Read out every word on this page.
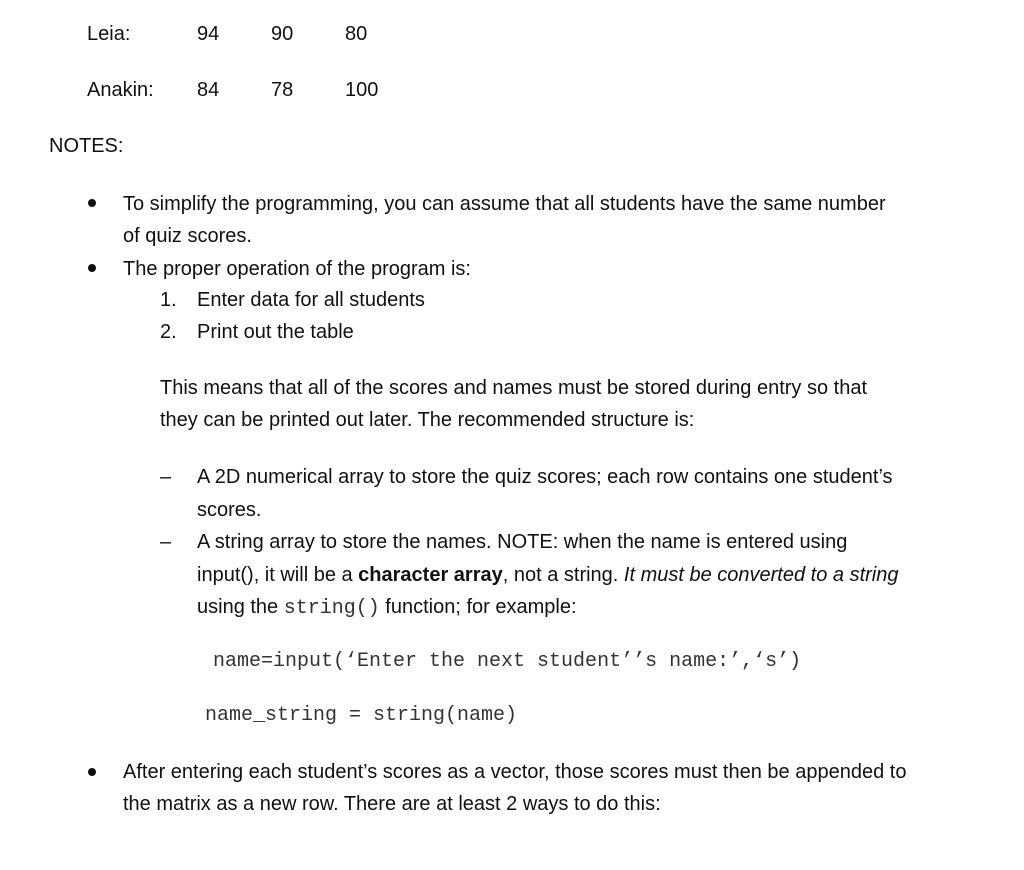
Leia:	94	90	80
Anakin: 84	78	100
NOTES:
To simplify the programming, you can assume that all students have the same number
of quiz scores.
The proper operation of the program is:
1. Enter data for all students
2. Print out the table
This means that all of the scores and names must be stored during entry so that
they can be printed out later. The recommended structure is:
– A 2D numerical array to store the quiz scores; each row contains one student’s
scores.
– A string array to store the names. NOTE: when the name is entered using
input(), it will be a character array, not a string. It must be converted to a string
using the string() function; for example:
name=input(‘Enter the next student’’s name:’,‘s’)
name_string = string(name)
After entering each student’s scores as a vector, those scores must then be appended to
the matrix as a new row. There are at least 2 ways to do this:
